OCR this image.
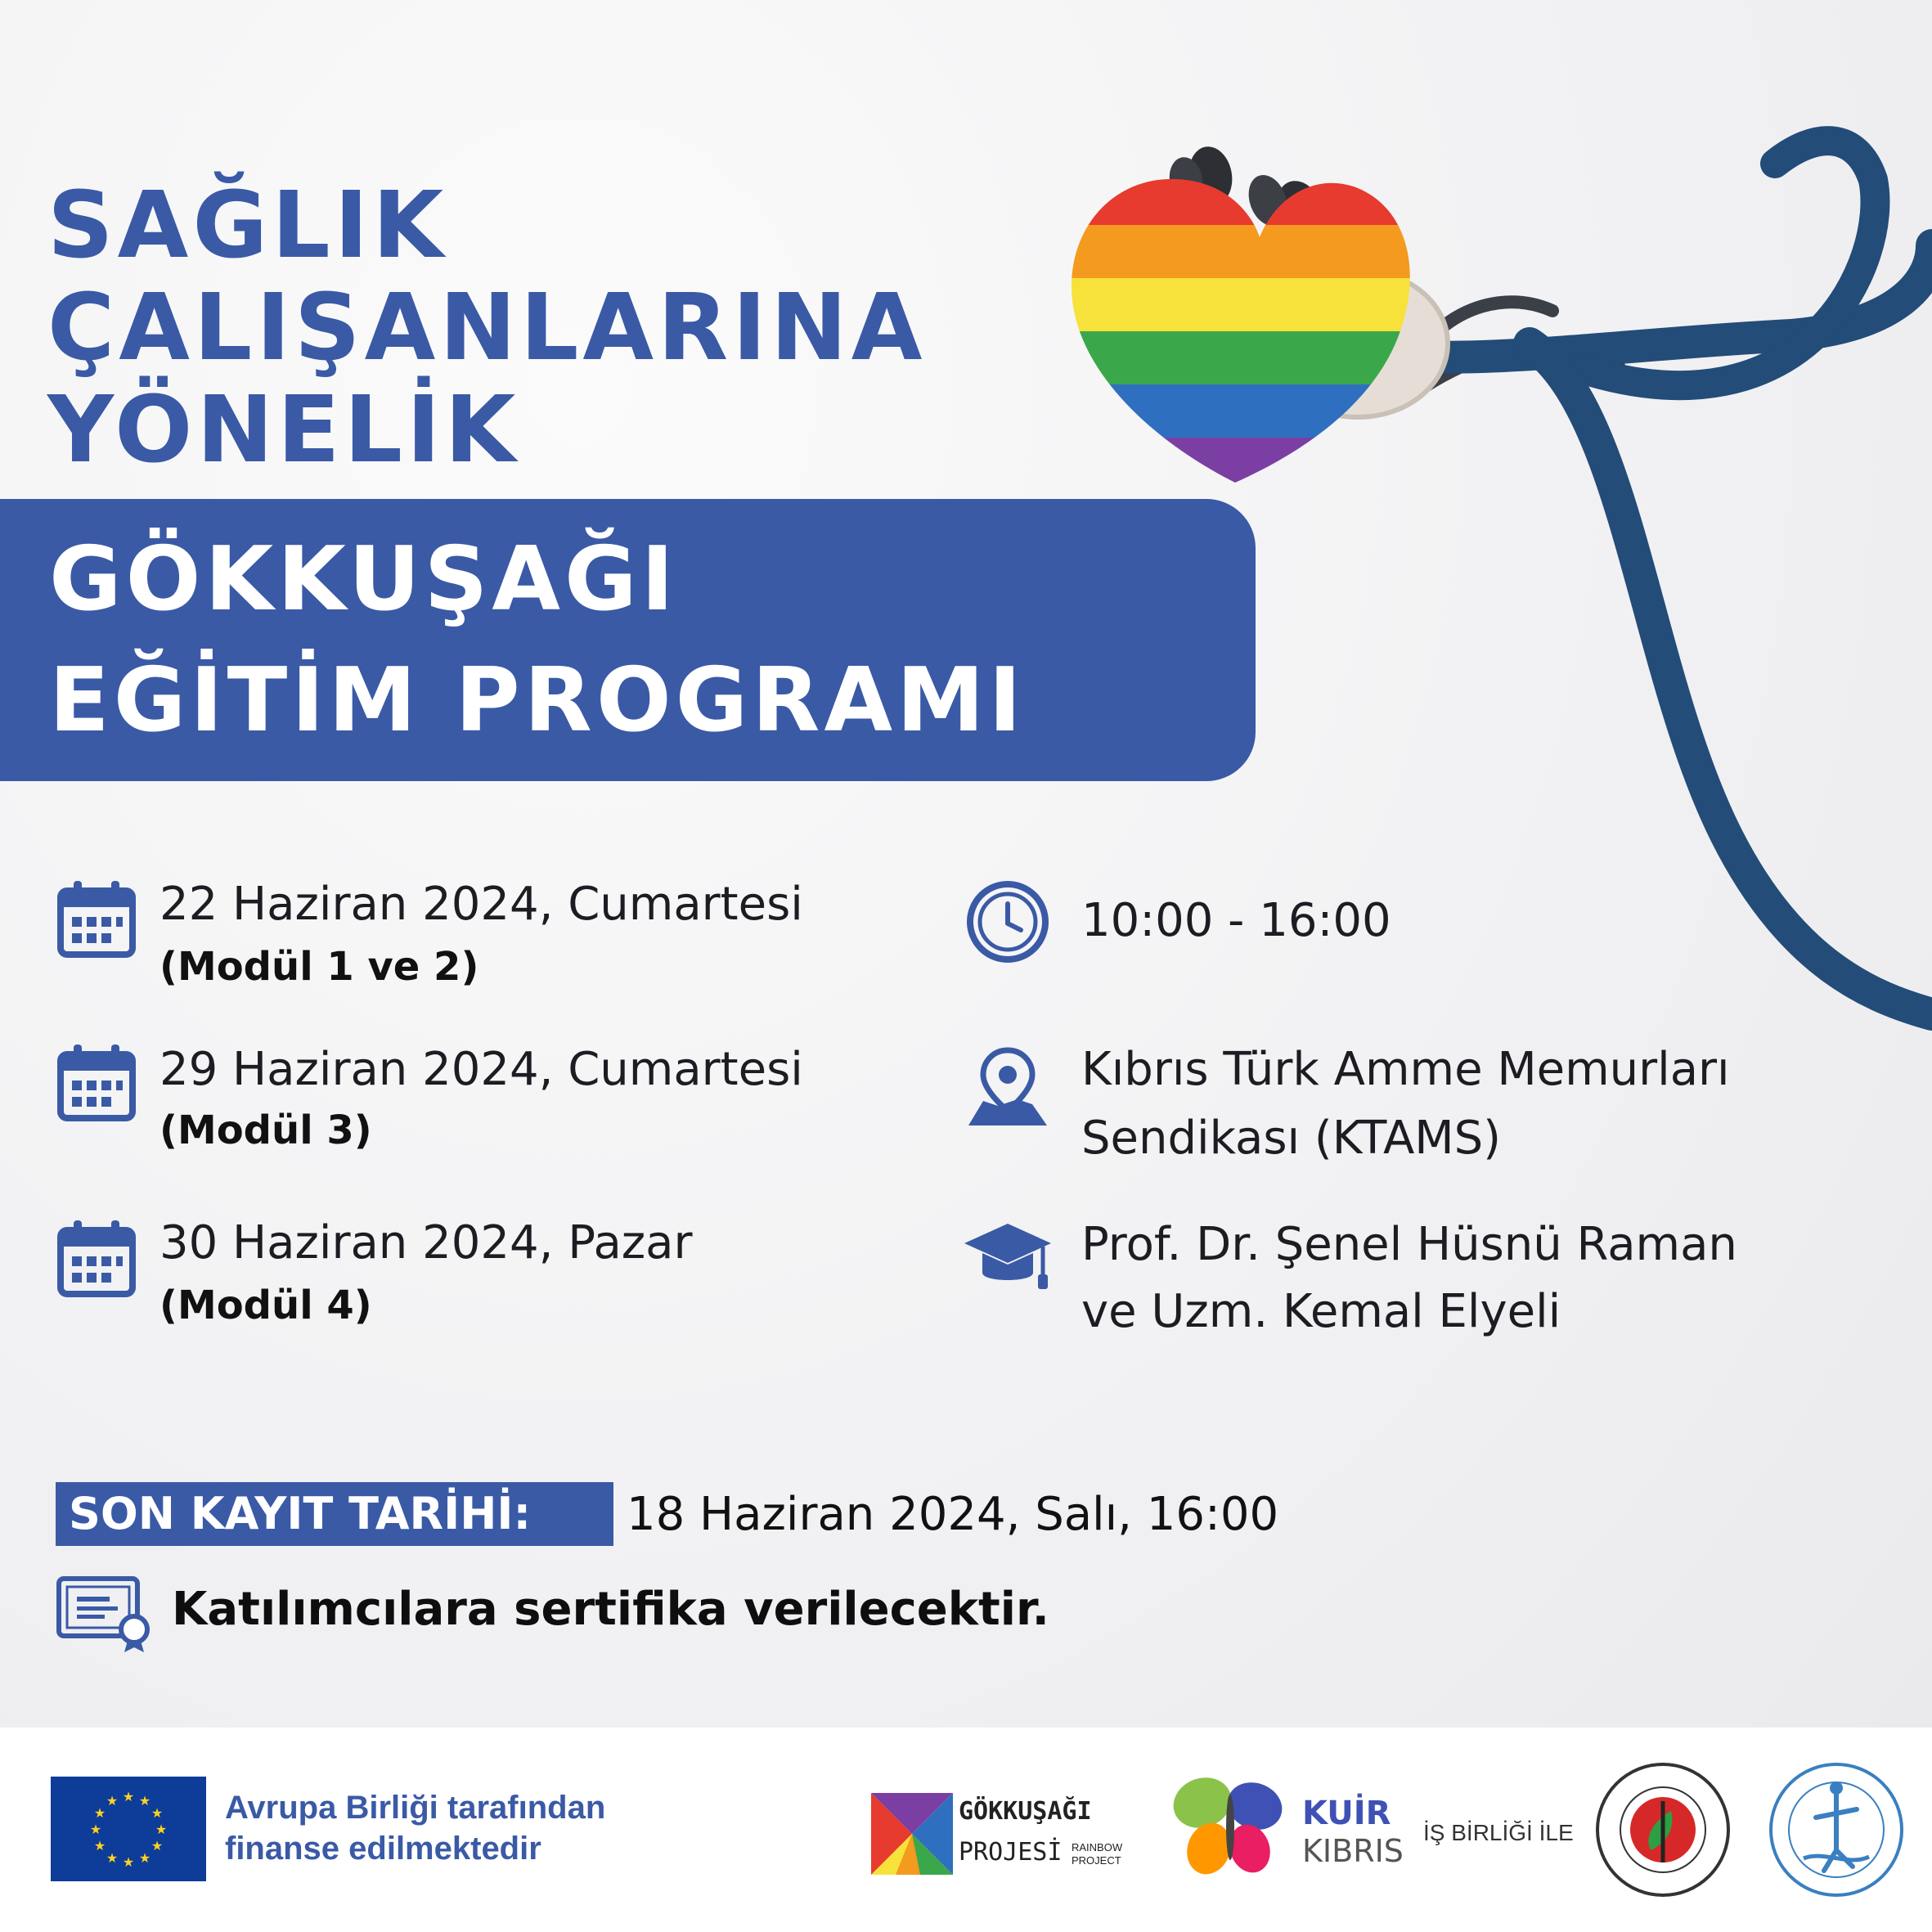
SAĞLIK
ÇALIŞANLARINA
YÖNELİK
GÖKKUŞAĞI
EĞİTİM PROGRAMI

22 Haziran 2024, Cumartesi

(Modül 1 ve 2)

29 Haziran 2024, Cumartesi

(Modül 3)

30 Haziran 2024, Pazar

(Modül 4)

10:00 - 16:00

Kıbrıs Türk Amme Memurları

Sendikası (KTAMS)

Prof. Dr. Şenel Hüsnü Raman

ve Uzm. Kemal Elyeli

SON KAYIT TARİHİ: 18 Haziran 2024, Salı, 16:00

Katılımcılara sertifika verilecektir.

★ ★
★
★
★
★
★
★
★
★
★
★	Avrupa Birliği tarafından

finanse edilmektedir

GÖKKUŞAĞI

PROJESİ RAINBOW

PROJECT

KUİR

KIBRIS

İŞ BİRLİĞİ İLE
